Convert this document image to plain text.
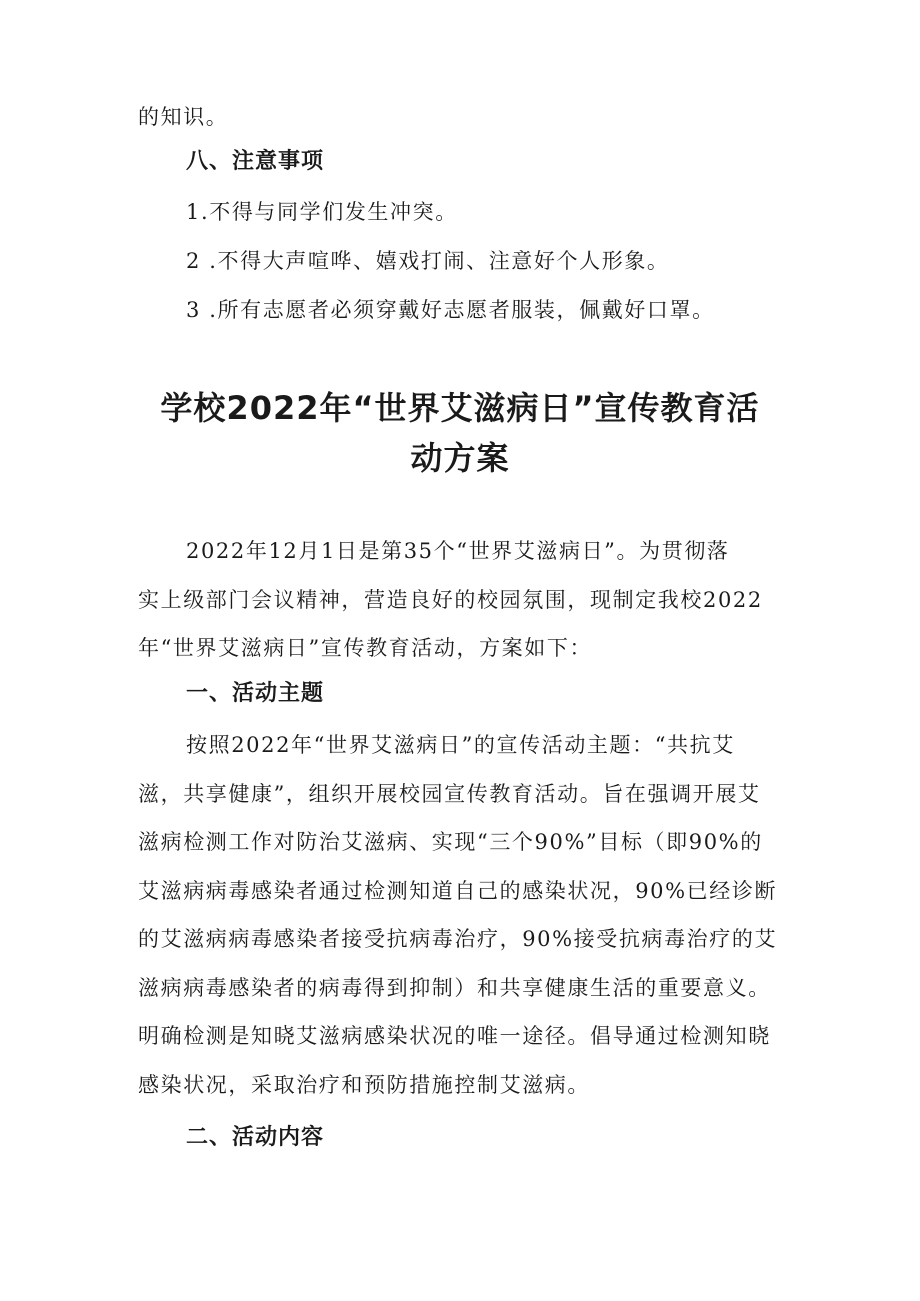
的知识。
八、注意事项
1.不得与同学们发生冲突。
2 .不得大声喧哗、嬉戏打闹、注意好个人形象。
3 .所有志愿者必须穿戴好志愿者服装，佩戴好口罩。
学校2022年“世界艾滋病日”宣传教育活
动方案
2022年12月1日是第35个“世界艾滋病日”。为贯彻落
实上级部门会议精神，营造良好的校园氛围，现制定我校2022
年“世界艾滋病日”宣传教育活动，方案如下：
一、活动主题
按照2022年“世界艾滋病日”的宣传活动主题：“共抗艾
滋，共享健康”，组织开展校园宣传教育活动。旨在强调开展艾
滋病检测工作对防治艾滋病、实现“三个90%”目标（即90%的
艾滋病病毒感染者通过检测知道自己的感染状况，90%已经诊断
的艾滋病病毒感染者接受抗病毒治疗，90%接受抗病毒治疗的艾
滋病病毒感染者的病毒得到抑制）和共享健康生活的重要意义。
明确检测是知晓艾滋病感染状况的唯一途径。倡导通过检测知晓
感染状况，采取治疗和预防措施控制艾滋病。
二、活动内容
